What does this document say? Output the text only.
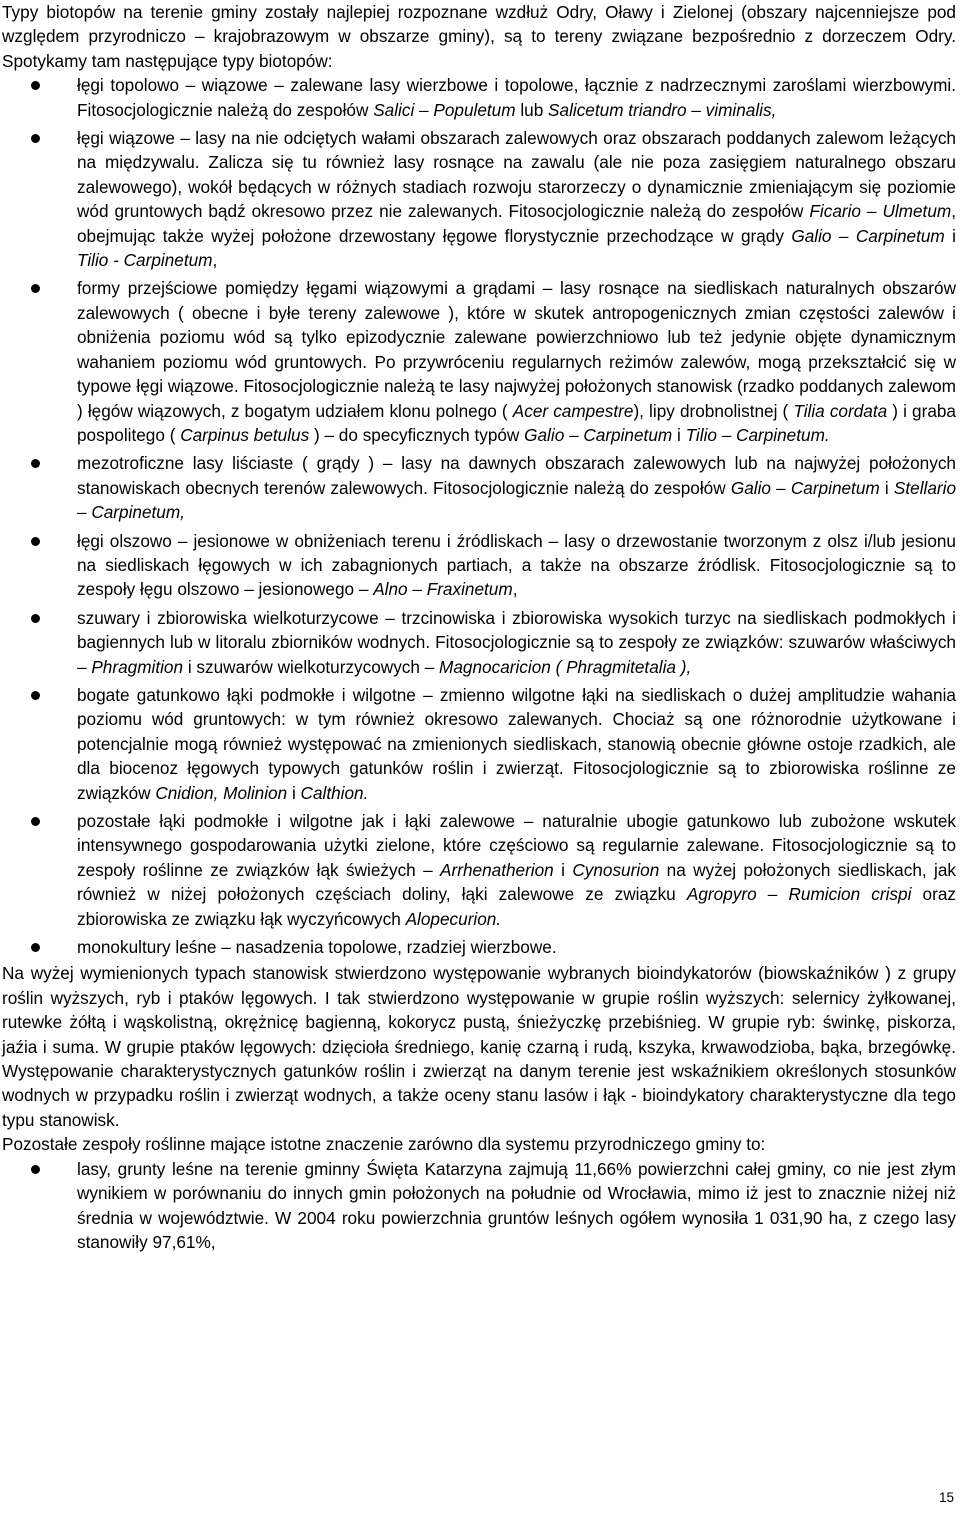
Typy biotopów na terenie gminy zostały najlepiej rozpoznane wzdłuż Odry, Oławy i Zielonej (obszary najcenniejsze pod względem przyrodniczo – krajobrazowym w obszarze gminy), są to tereny związane bezpośrednio z dorzeczem Odry. Spotykamy tam następujące typy biotopów:

łęgi topolowo – wiązowe – zalewane lasy wierzbowe i topolowe, łącznie z nadrzecznymi zaroślami wierzbowymi. Fitosocjologicznie należą do zespołów Salici – Populetum lub Salicetum triandro – viminalis,
łęgi wiązowe – lasy na nie odciętych wałami obszarach zalewowych oraz obszarach poddanych zalewom leżących na międzywalu. Zalicza się tu również lasy rosnące na zawalu (ale nie poza zasięgiem naturalnego obszaru zalewowego), wokół będących w różnych stadiach rozwoju starorzeczy o dynamicznie zmieniającym się poziomie wód gruntowych bądź okresowo przez nie zalewanych. Fitosocjologicznie należą do zespołów Ficario – Ulmetum, obejmując także wyżej położone drzewostany łęgowe florystycznie przechodzące w grądy Galio – Carpinetum i Tilio - Carpinetum,
formy przejściowe pomiędzy łęgami wiązowymi a grądami – lasy rosnące na siedliskach naturalnych obszarów zalewowych ( obecne i byłe tereny zalewowe ), które w skutek antropogenicznych zmian częstości zalewów i obniżenia poziomu wód są tylko epizodycznie zalewane powierzchniowo lub też jedynie objęte dynamicznym wahaniem poziomu wód gruntowych. Po przywróceniu regularnych reżimów zalewów, mogą przekształcić się w typowe łęgi wiązowe. Fitosocjologicznie należą te lasy najwyżej położonych stanowisk (rzadko poddanych zalewom ) łęgów wiązowych, z bogatym udziałem klonu polnego ( Acer campestre), lipy drobnolistnej ( Tilia cordata ) i graba pospolitego ( Carpinus betulus ) – do specyficznych typów Galio – Carpinetum i Tilio – Carpinetum.
mezotroficzne lasy liściaste ( grądy ) – lasy na dawnych obszarach zalewowych lub na najwyżej położonych stanowiskach obecnych terenów zalewowych. Fitosocjologicznie należą do zespołów Galio – Carpinetum i Stellario – Carpinetum,
łęgi olszowo – jesionowe w obniżeniach terenu i źródliskach – lasy o drzewostanie tworzonym z olsz i/lub jesionu na siedliskach łęgowych w ich zabagnionych partiach, a także na obszarze źródlisk. Fitosocjologicznie są to zespoły łęgu olszowo – jesionowego – Alno – Fraxinetum,
szuwary i zbiorowiska wielkoturzycowe – trzcinowiska i zbiorowiska wysokich turzyc na siedliskach podmokłych i bagiennych lub w litoralu zbiorników wodnych. Fitosocjologicznie są to zespoły ze związków: szuwarów właściwych – Phragmition i szuwarów wielkoturzycowych – Magnocaricion ( Phragmitetalia ),
bogate gatunkowo łąki podmokłe i wilgotne – zmienno wilgotne łąki na siedliskach o dużej amplitudzie wahania poziomu wód gruntowych: w tym również okresowo zalewanych. Chociaż są one różnorodnie użytkowane i potencjalnie mogą również występować na zmienionych siedliskach, stanowią obecnie główne ostoje rzadkich, ale dla biocenoz łęgowych typowych gatunków roślin i zwierząt. Fitosocjologicznie są to zbiorowiska roślinne ze związków Cnidion, Molinion i Calthion.
pozostałe łąki podmokłe i wilgotne jak i łąki zalewowe – naturalnie ubogie gatunkowo lub zubożone wskutek intensywnego gospodarowania użytki zielone, które częściowo są regularnie zalewane. Fitosocjologicznie są to zespoły roślinne ze związków łąk świeżych – Arrhenatherion i Cynosurion na wyżej położonych siedliskach, jak również w niżej położonych częściach doliny, łąki zalewowe ze związku Agropyro – Rumicion crispi oraz zbiorowiska ze związku łąk wyczyńcowych Alopecurion.
monokultury leśne – nasadzenia topolowe, rzadziej wierzbowe.

Na wyżej wymienionych typach stanowisk stwierdzono występowanie wybranych bioindykatorów (biowskaźników ) z grupy roślin wyższych, ryb i ptaków lęgowych. I tak stwierdzono występowanie w grupie roślin wyższych: selernicy żyłkowanej, rutewke żółtą i wąskolistną, okrężnicę bagienną, kokorycz pustą, śnieżyczkę przebiśnieg. W grupie ryb: świnkę, piskorza, jaźia i suma. W grupie ptaków lęgowych: dzięcioła średniego, kanię czarną i rudą, kszyka, krwawodzioba, bąka, brzegówkę. Występowanie charakterystycznych gatunków roślin i zwierząt na danym terenie jest wskaźnikiem określonych stosunków wodnych w przypadku roślin i zwierząt wodnych, a także oceny stanu lasów i łąk - bioindykatory charakterystyczne dla tego typu stanowisk.

Pozostałe zespoły roślinne mające istotne znaczenie zarówno dla systemu przyrodniczego gminy to:

lasy, grunty leśne na terenie gminny Święta Katarzyna zajmują 11,66% powierzchni całej gminy, co nie jest złym wynikiem w porównaniu do innych gmin położonych na południe od Wrocławia, mimo iż jest to znacznie niżej niż średnia w województwie. W 2004 roku powierzchnia gruntów leśnych ogółem wynosiła 1 031,90 ha, z czego lasy stanowiły 97,61%,
15
